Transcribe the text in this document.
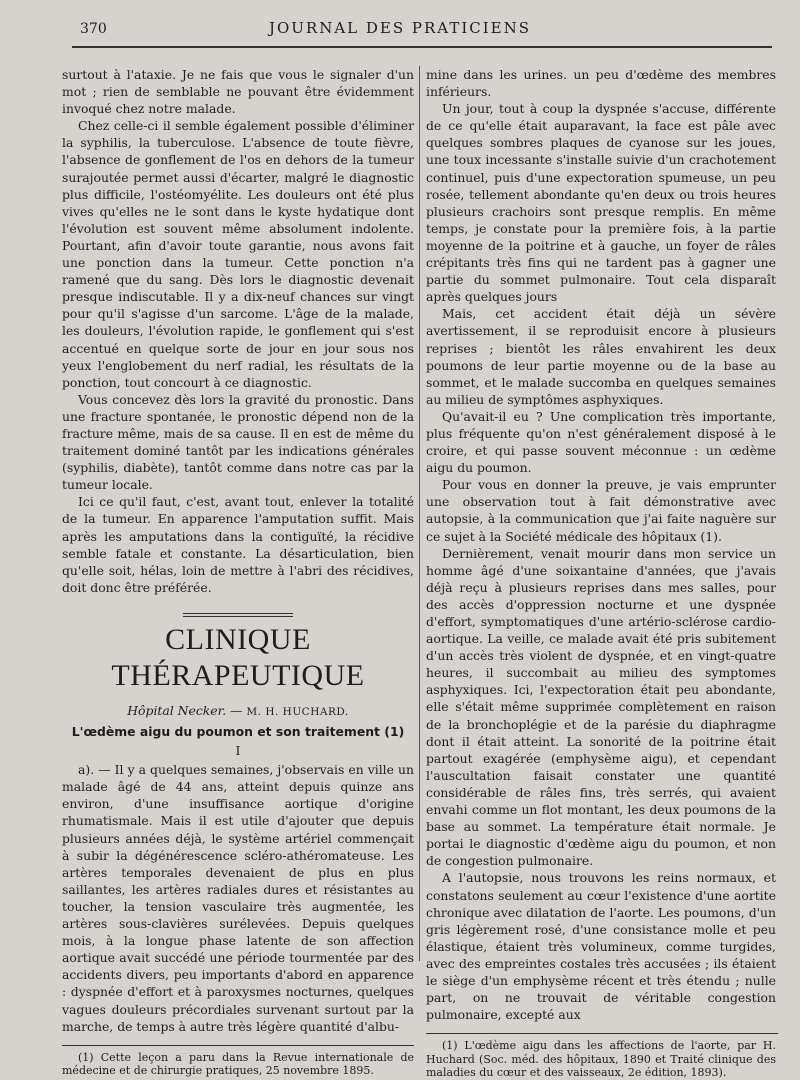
370	JOURNAL DES PRATICIENS

surtout à l'ataxie. Je ne fais que vous le signaler d'un mot ; rien de semblable ne pouvant être évidemment invoqué chez notre malade.

Chez celle-ci il semble également possible d'éliminer la syphilis, la tuberculose. L'absence de toute fièvre, l'absence de gonflement de l'os en dehors de la tumeur surajoutée permet aussi d'écarter, malgré le diagnostic plus difficile, l'ostéomyélite. Les douleurs ont été plus vives qu'elles ne le sont dans le kyste hydatique dont l'évolution est souvent même absolument indolente. Pourtant, afin d'avoir toute garantie, nous avons fait une ponction dans la tumeur. Cette ponction n'a ramené que du sang. Dès lors le diagnostic devenait presque indiscutable. Il y a dix-neuf chances sur vingt pour qu'il s'agisse d'un sarcome. L'âge de la malade, les douleurs, l'évolution rapide, le gonflement qui s'est accentué en quelque sorte de jour en jour sous nos yeux l'englobement du nerf radial, les résultats de la ponction, tout concourt à ce diagnostic.

Vous concevez dès lors la gravité du pronostic. Dans une fracture spontanée, le pronostic dépend non de la fracture même, mais de sa cause. Il en est de même du traitement dominé tantôt par les indications générales (syphilis, diabète), tantôt comme dans notre cas par la tumeur locale.

Ici ce qu'il faut, c'est, avant tout, enlever la totalité de la tumeur. En apparence l'amputation suffit. Mais après les amputations dans la contiguïté, la récidive semble fatale et constante. La désarticulation, bien qu'elle soit, hélas, loin de mettre à l'abri des récidives, doit donc être préférée.

CLINIQUE THÉRAPEUTIQUE
Hôpital Necker. — M. H. HUCHARD.
L'œdème aigu du poumon et son traitement (1)
I

a). — Il y a quelques semaines, j'observais en ville un malade âgé de 44 ans, atteint depuis quinze ans environ, d'une insuffisance aortique d'origine rhumatismale. Mais il est utile d'ajouter que depuis plusieurs années déjà, le système artériel commençait à subir la dégénérescence scléro-athéromateuse. Les artères temporales devenaient de plus en plus saillantes, les artères radiales dures et résistantes au toucher, la tension vasculaire très augmentée, les artères sous-clavières surélevées. Depuis quelques mois, à la longue phase latente de son affection aortique avait succédé une période tourmentée par des accidents divers, peu importants d'abord en apparence : dyspnée d'effort et à paroxysmes nocturnes, quelques vagues douleurs précordiales survenant surtout par la marche, de temps à autre très légère quantité d'albu-

(1) Cette leçon a paru dans la Revue internationale de médecine et de chirurgie pratiques, 25 novembre 1895.

mine dans les urines. un peu d'œdème des membres inférieurs.

Un jour, tout à coup la dyspnée s'accuse, différente de ce qu'elle était auparavant, la face est pâle avec quelques sombres plaques de cyanose sur les joues, une toux incessante s'installe suivie d'un crachotement continuel, puis d'une expectoration spumeuse, un peu rosée, tellement abondante qu'en deux ou trois heures plusieurs crachoirs sont presque remplis. En même temps, je constate pour la première fois, à la partie moyenne de la poitrine et à gauche, un foyer de râles crépitants très fins qui ne tardent pas à gagner une partie du sommet pulmonaire. Tout cela disparaît après quelques jours

Mais, cet accident était déjà un sévère avertissement, il se reproduisit encore à plusieurs reprises ; bientôt les râles envahirent les deux poumons de leur partie moyenne ou de la base au sommet, et le malade succomba en quelques semaines au milieu de symptômes asphyxiques.

Qu'avait-il eu ? Une complication très importante, plus fréquente qu'on n'est généralement disposé à le croire, et qui passe souvent méconnue : un œdème aigu du poumon.

Pour vous en donner la preuve, je vais emprunter une observation tout à fait démonstrative avec autopsie, à la communication que j'ai faite naguère sur ce sujet à la Société médicale des hôpitaux (1).

Dernièrement, venait mourir dans mon service un homme âgé d'une soixantaine d'années, que j'avais déjà reçu à plusieurs reprises dans mes salles, pour des accès d'oppression nocturne et une dyspnée d'effort, symptomatiques d'une artério-sclérose cardio-aortique. La veille, ce malade avait été pris subitement d'un accès très violent de dyspnée, et en vingt-quatre heures, il succombait au milieu des symptomes asphyxiques. Ici, l'expectoration était peu abondante, elle s'était même supprimée complètement en raison de la bronchoplégie et de la parésie du diaphragme dont il était atteint. La sonorité de la poitrine était partout exagérée (emphysème aigu), et cependant l'auscultation faisait constater une quantité considérable de râles fins, très serrés, qui avaient envahi comme un flot montant, les deux poumons de la base au sommet. La température était normale. Je portai le diagnostic d'œdème aigu du poumon, et non de congestion pulmonaire.

A l'autopsie, nous trouvons les reins normaux, et constatons seulement au cœur l'existence d'une aortite chronique avec dilatation de l'aorte. Les poumons, d'un gris légèrement rosé, d'une consistance molle et peu élastique, étaient très volumineux, comme turgides, avec des empreintes costales très accusées ; ils étaient le siège d'un emphysème récent et très étendu ; nulle part, on ne trouvait de véritable congestion pulmonaire, excepté aux

(1) L'œdème aigu dans les affections de l'aorte, par H. Huchard (Soc. méd. des hôpitaux, 1890 et Traité clinique des maladies du cœur et des vaisseaux, 2e édition, 1893).
